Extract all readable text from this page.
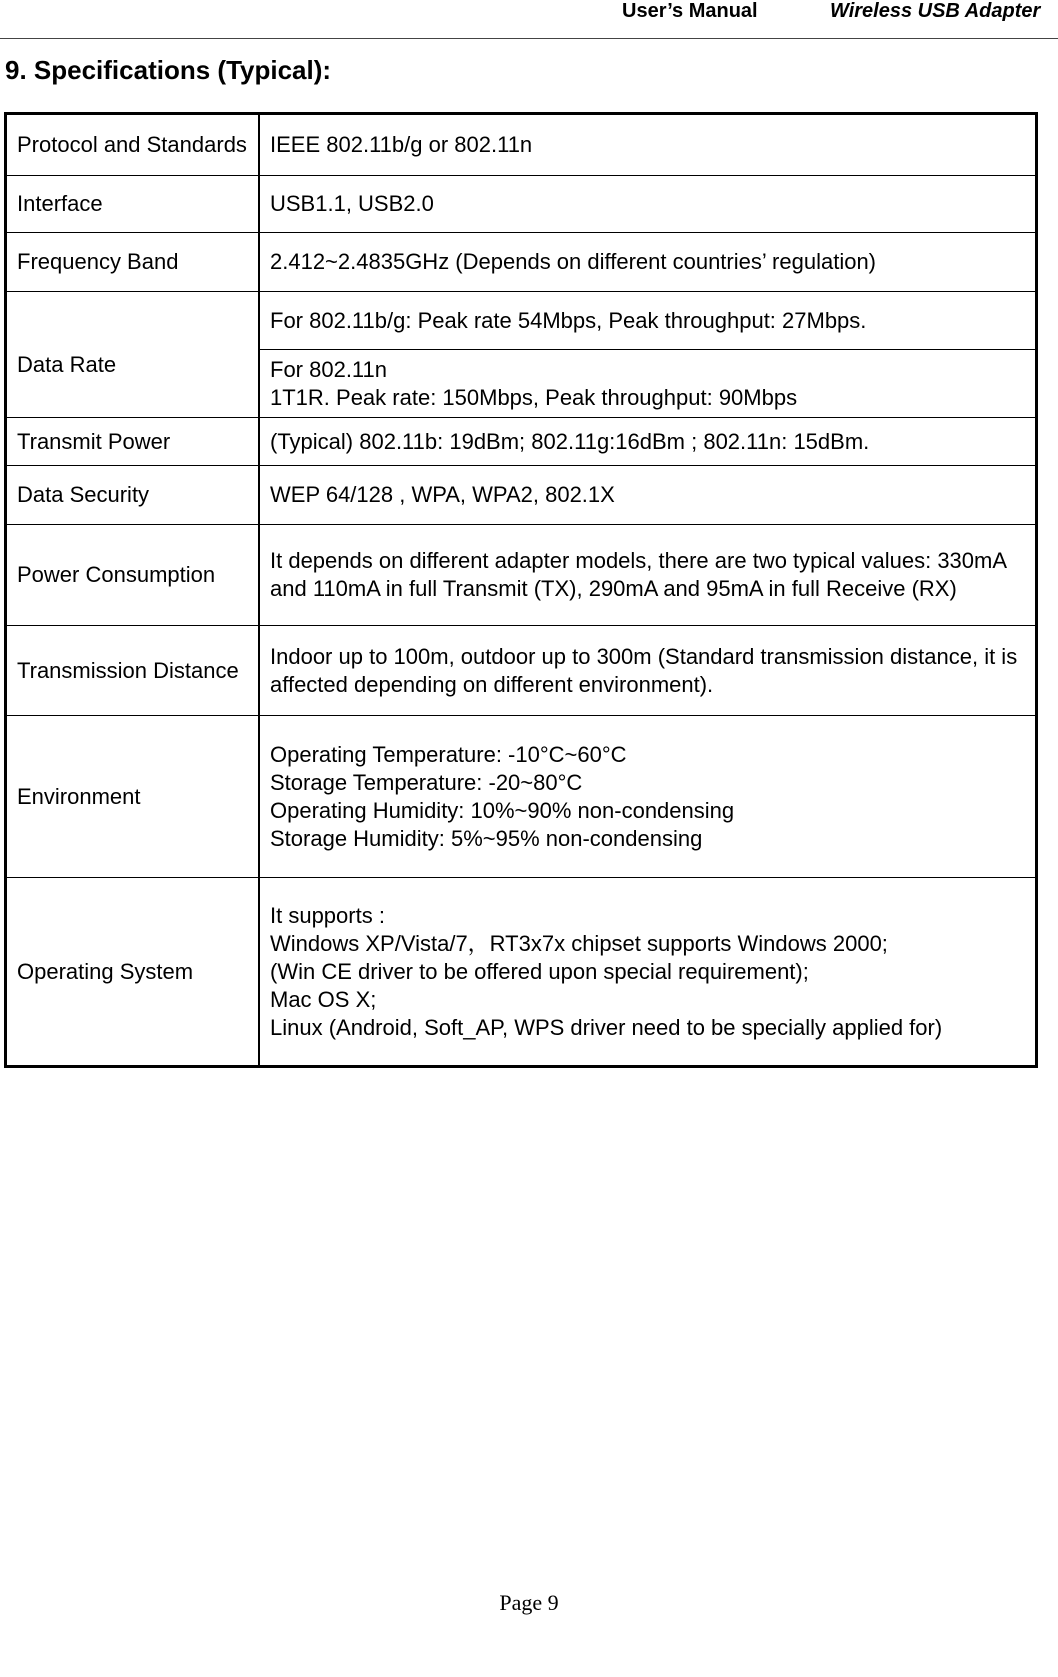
User’s Manual	Wireless USB Adapter
9. Specifications (Typical):
Protocol and Standards	IEEE 802.11b/g or 802.11n
Interface	USB1.1, USB2.0
Frequency Band	2.412~2.4835GHz (Depends on different countries’ regulation)

Data Rate	For 802.11b/g: Peak rate 54Mbps, Peak throughput: 27Mbps.

	For 802.11n
1T1R. Peak rate: 150Mbps, Peak throughput: 90Mbps

Transmit Power	(Typical) 802.11b: 19dBm; 802.11g:16dBm ; 802.11n: 15dBm.
Data Security	WEP 64/128 , WPA, WPA2, 802.1X
Power Consumption	It depends on different adapter models, there are two typical values: 330mA and 110mA in full Transmit (TX), 290mA and 95mA in full Receive (RX)
Transmission Distance	Indoor up to 100m, outdoor up to 300m (Standard transmission distance, it is affected depending on different environment).
Environment	Operating Temperature: -10°C~60°C
Storage Temperature: -20~80°C
Operating Humidity: 10%~90% non-condensing
Storage Humidity: 5%~95% non-condensing

Operating System	It supports :
Windows XP/Vista/7，RT3x7x chipset supports Windows 2000;
(Win CE driver to be offered upon special requirement);
Mac OS X;
Linux (Android, Soft_AP, WPS driver need to be specially applied for)
Page 9
